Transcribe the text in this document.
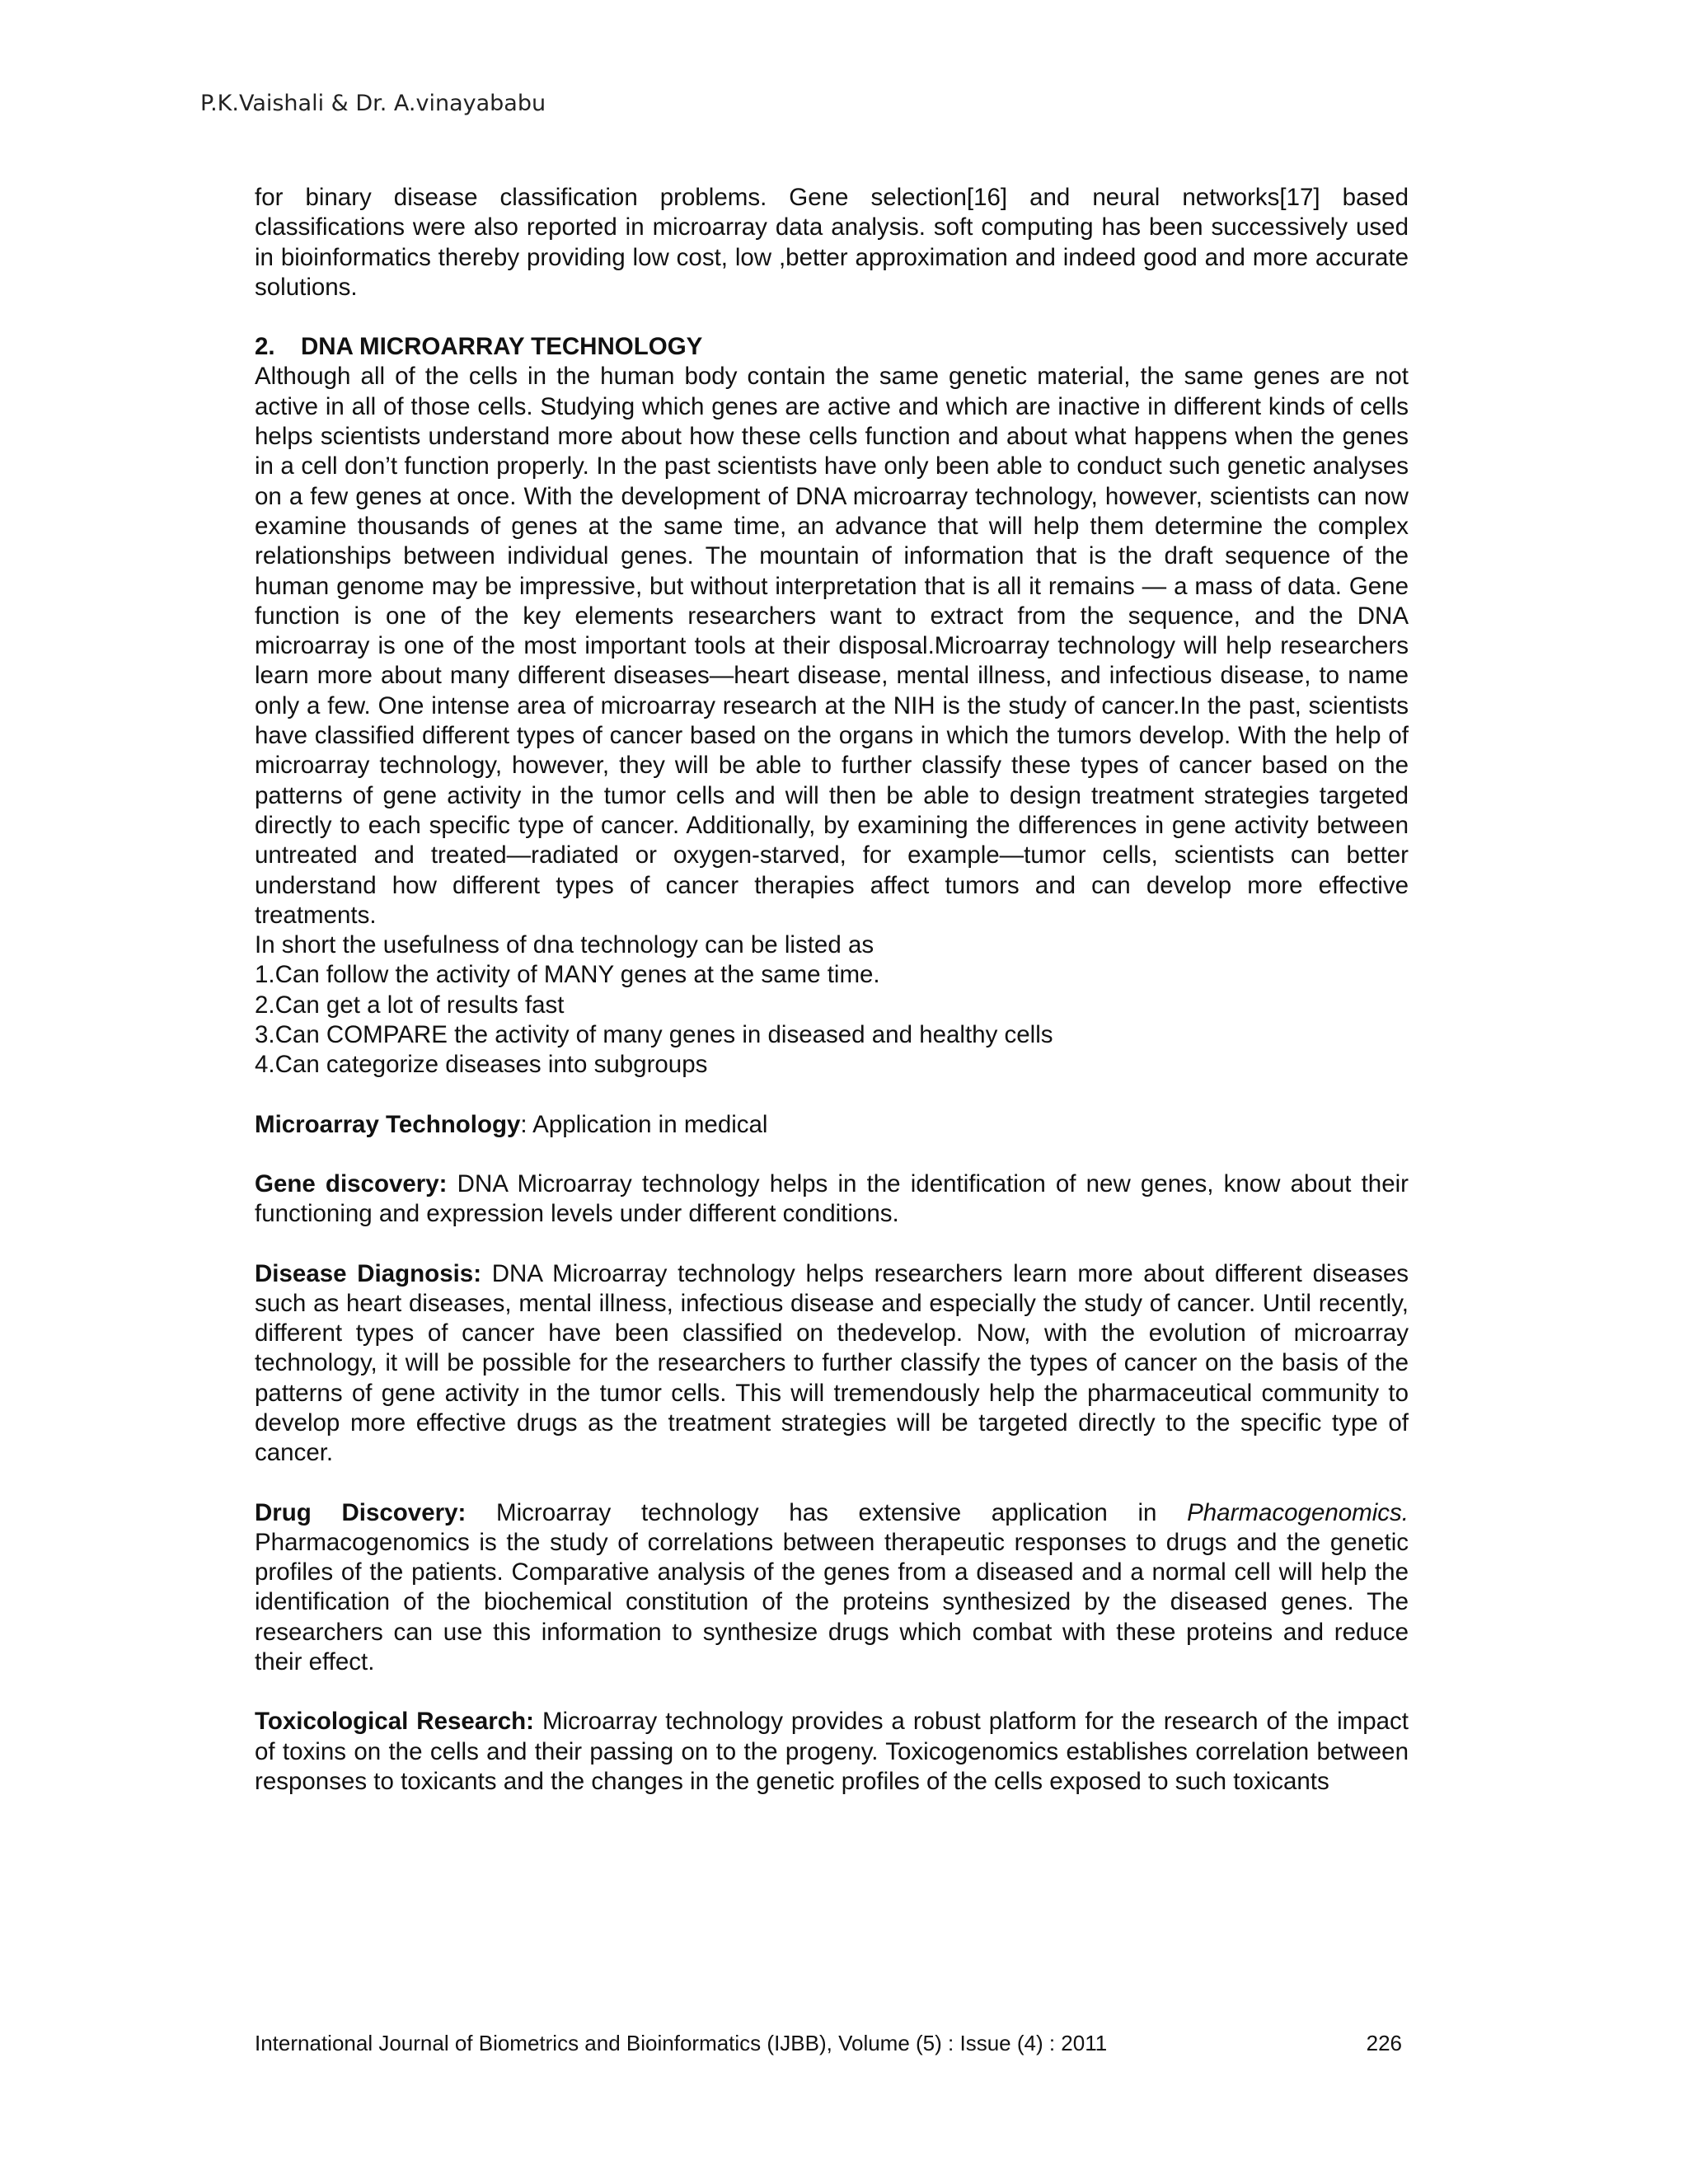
P.K.Vaishali & Dr. A.vinayababu

for binary disease classification problems. Gene selection[16] and neural networks[17] based classifications were also reported in microarray data analysis. soft computing has been successively used in bioinformatics thereby providing low cost, low ,better approximation and indeed good and more accurate solutions.

2. DNA MICROARRAY TECHNOLOGY

Although all of the cells in the human body contain the same genetic material, the same genes are not active in all of those cells. Studying which genes are active and which are inactive in different kinds of cells helps scientists understand more about how these cells function and about what happens when the genes in a cell don’t function properly. In the past scientists have only been able to conduct such genetic analyses on a few genes at once. With the development of DNA microarray technology, however, scientists can now examine thousands of genes at the same time, an advance that will help them determine the complex relationships between individual genes. The mountain of information that is the draft sequence of the human genome may be impressive, but without interpretation that is all it remains — a mass of data. Gene function is one of the key elements researchers want to extract from the sequence, and the DNA microarray is one of the most important tools at their disposal.Microarray technology will help researchers learn more about many different diseases—heart disease, mental illness, and infectious disease, to name only a few. One intense area of microarray research at the NIH is the study of cancer.In the past, scientists have classified different types of cancer based on the organs in which the tumors develop. With the help of microarray technology, however, they will be able to further classify these types of cancer based on the patterns of gene activity in the tumor cells and will then be able to design treatment strategies targeted directly to each specific type of cancer. Additionally, by examining the differences in gene activity between untreated and treated—radiated or oxygen-starved, for example—tumor cells, scientists can better understand how different types of cancer therapies affect tumors and can develop more effective treatments.

In short the usefulness of dna technology can be listed as

1.Can follow the activity of MANY genes at the same time.

2.Can get a lot of results fast

3.Can COMPARE the activity of many genes in diseased and healthy cells

4.Can categorize diseases into subgroups

Microarray Technology: Application in medical

Gene discovery: DNA Microarray technology helps in the identification of new genes, know about their functioning and expression levels under different conditions.

Disease Diagnosis: DNA Microarray technology helps researchers learn more about different diseases such as heart diseases, mental illness, infectious disease and especially the study of cancer. Until recently, different types of cancer have been classified on thedevelop. Now, with the evolution of microarray technology, it will be possible for the researchers to further classify the types of cancer on the basis of the patterns of gene activity in the tumor cells. This will tremendously help the pharmaceutical community to develop more effective drugs as the treatment strategies will be targeted directly to the specific type of cancer.

Drug Discovery: Microarray technology has extensive application in Pharmacogenomics. Pharmacogenomics is the study of correlations between therapeutic responses to drugs and the genetic profiles of the patients. Comparative analysis of the genes from a diseased and a normal cell will help the identification of the biochemical constitution of the proteins synthesized by the diseased genes. The researchers can use this information to synthesize drugs which combat with these proteins and reduce their effect.

Toxicological Research: Microarray technology provides a robust platform for the research of the impact of toxins on the cells and their passing on to the progeny. Toxicogenomics establishes correlation between responses to toxicants and the changes in the genetic profiles of the cells exposed to such toxicants

International Journal of Biometrics and Bioinformatics (IJBB), Volume (5) : Issue (4) : 2011	226
